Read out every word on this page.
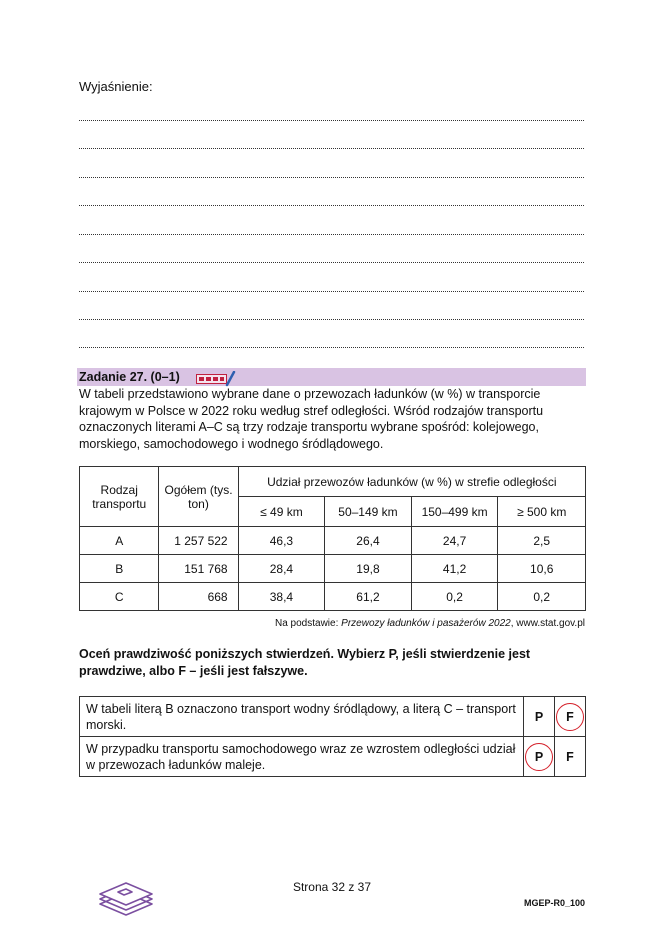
Wyjaśnienie:
Zadanie 27. (0–1)
W tabeli przedstawiono wybrane dane o przewozach ładunków (w %) w transporcie krajowym w Polsce w 2022 roku według stref odległości. Wśród rodzajów transportu oznaczonych literami A–C są trzy rodzaje transportu wybrane spośród: kolejowego, morskiego, samochodowego i wodnego śródlądowego.
Rodzaj transportu	Ogółem (tys. ton)	Udział przewozów ładunków (w %) w strefie odległości			
		≤ 49 km	50–149 km	150–499 km	≥ 500 km
A	1 257 522	46,3	26,4	24,7	2,5
B	151 768	28,4	19,8	41,2	10,6
C	668	38,4	61,2	0,2	0,2
Na podstawie: Przewozy ładunków i pasażerów 2022, www.stat.gov.pl
Oceń prawdziwość poniższych stwierdzeń. Wybierz P, jeśli stwierdzenie jest prawdziwe, albo F – jeśli jest fałszywe.
W tabeli literą B oznaczono transport wodny śródlądowy, a literą C – transport morski.	P	F
W przypadku transportu samochodowego wraz ze wzrostem odległości udział w przewozach ładunków maleje.	P	F
Strona 32 z 37
MGEP-R0_100
